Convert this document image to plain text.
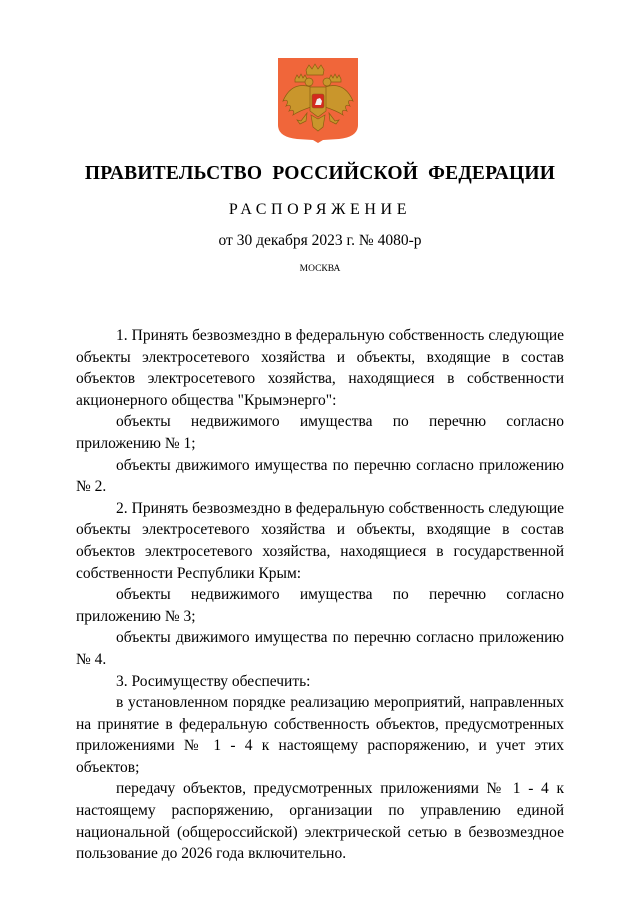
ПРАВИТЕЛЬСТВО РОССИЙСКОЙ ФЕДЕРАЦИИ
РАСПОРЯЖЕНИЕ
от 30 декабря 2023 г. № 4080-р
МОСКВА

1. Принять безвозмездно в федеральную собственность следующие объекты электросетевого хозяйства и объекты, входящие в состав объектов электросетевого хозяйства, находящиеся в собственности акционерного общества "Крымэнерго":

объекты недвижимого имущества по перечню согласно приложению № 1;

объекты движимого имущества по перечню согласно приложению № 2.

2. Принять безвозмездно в федеральную собственность следующие объекты электросетевого хозяйства и объекты, входящие в состав объектов электросетевого хозяйства, находящиеся в государственной собственности Республики Крым:

объекты недвижимого имущества по перечню согласно приложению № 3;

объекты движимого имущества по перечню согласно приложению № 4.

3. Росимуществу обеспечить:

в установленном порядке реализацию мероприятий, направленных на принятие в федеральную собственность объектов, предусмотренных приложениями № 1 - 4 к настоящему распоряжению, и учет этих объектов;

передачу объектов, предусмотренных приложениями № 1 - 4 к настоящему распоряжению, организации по управлению единой национальной (общероссийской) электрической сетью в безвозмездное пользование до 2026 года включительно.
